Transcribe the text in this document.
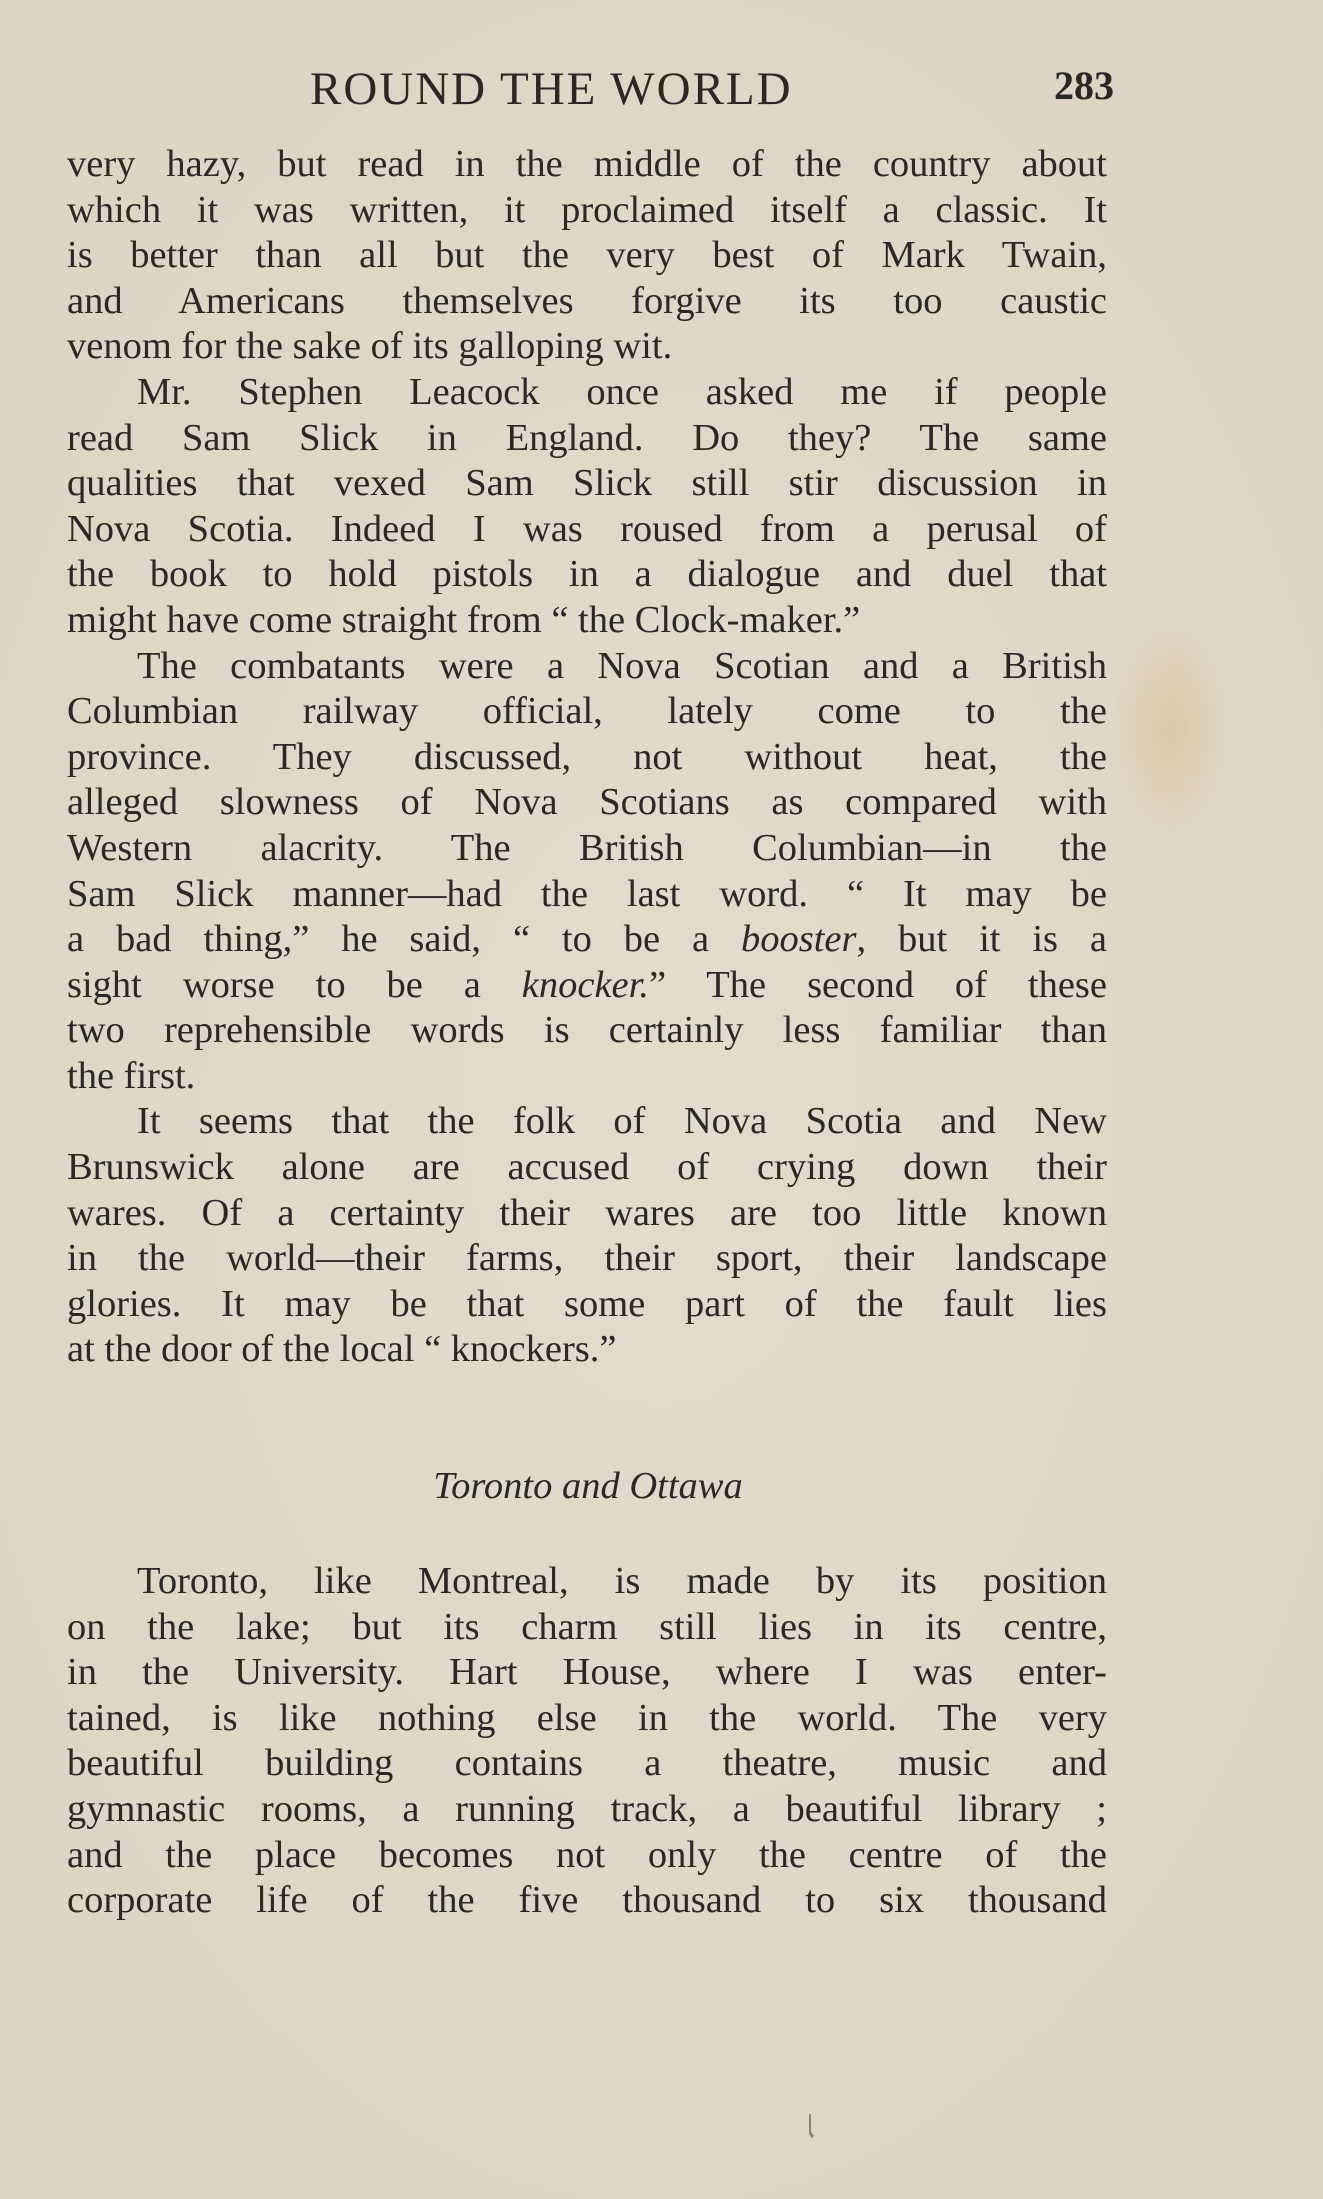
ROUND THE WORLD	283

very hazy, but read in the middle of the country about

which it was written, it proclaimed itself a classic. It

is better than all but the very best of Mark Twain,

and Americans themselves forgive its too caustic

venom for the sake of its galloping wit.

Mr. Stephen Leacock once asked me if people

read Sam Slick in England. Do they? The same

qualities that vexed Sam Slick still stir discussion in

Nova Scotia. Indeed I was roused from a perusal of

the book to hold pistols in a dialogue and duel that

might have come straight from “ the Clock-maker.”

The combatants were a Nova Scotian and a British

Columbian railway official, lately come to the

province. They discussed, not without heat, the

alleged slowness of Nova Scotians as compared with

Western alacrity. The British Columbian—in the

Sam Slick manner—had the last word. “ It may be

a bad thing,” he said, “ to be a booster, but it is a

sight worse to be a knocker.” The second of these

two reprehensible words is certainly less familiar than

the first.

It seems that the folk of Nova Scotia and New

Brunswick alone are accused of crying down their

wares. Of a certainty their wares are too little known

in the world—their farms, their sport, their landscape

glories. It may be that some part of the fault lies

at the door of the local “ knockers.”

Toronto and Ottawa

Toronto, like Montreal, is made by its position

on the lake; but its charm still lies in its centre,

in the University. Hart House, where I was enter-

tained, is like nothing else in the world. The very

beautiful building contains a theatre, music and

gymnastic rooms, a running track, a beautiful library ;

and the place becomes not only the centre of the

corporate life of the five thousand to six thousand
